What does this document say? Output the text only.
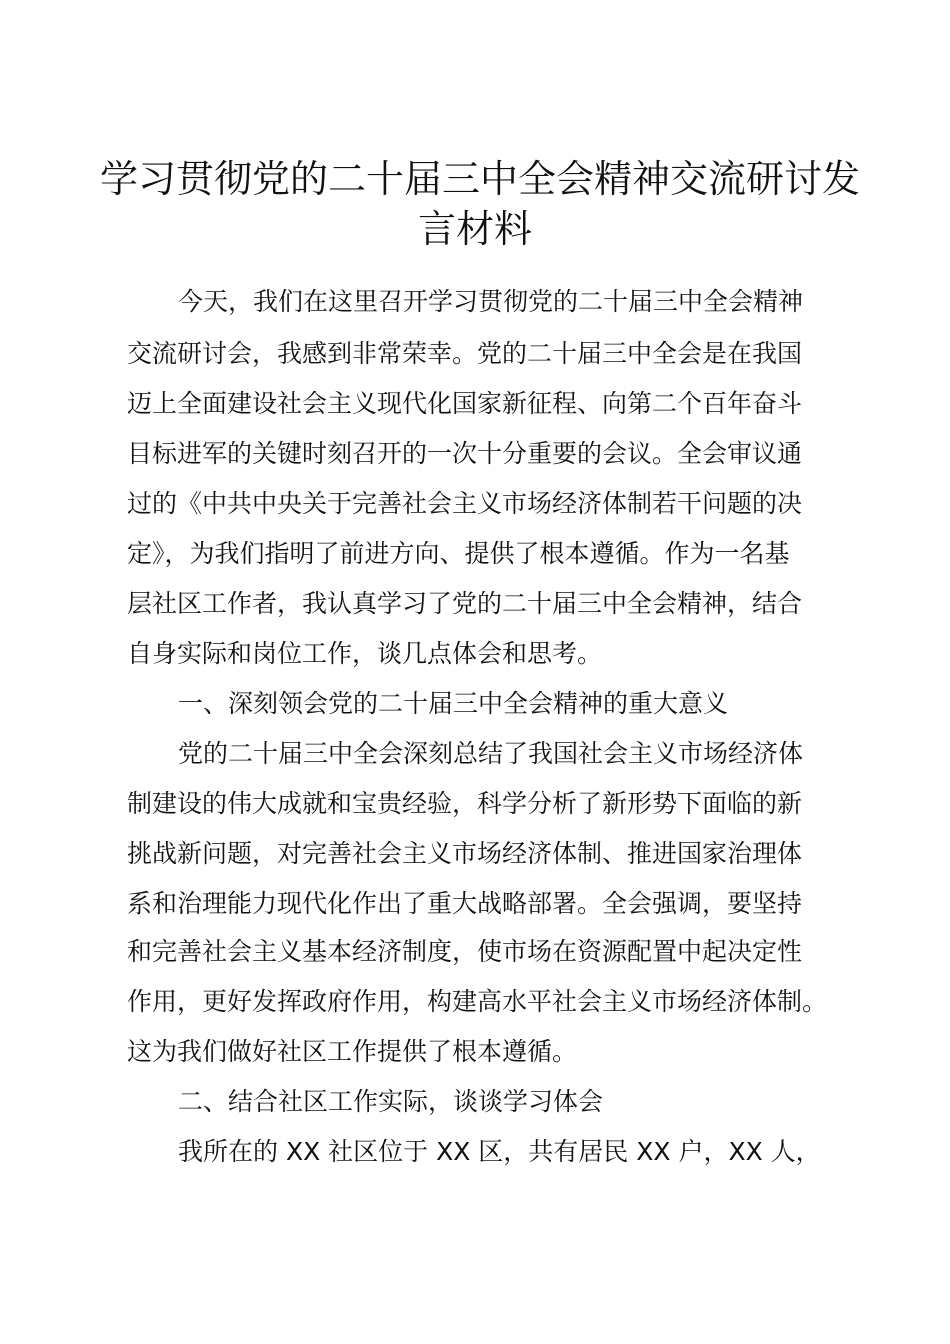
学习贯彻党的二十届三中全会精神交流研讨发
言材料

今天，我们在这里召开学习贯彻党的二十届三中全会精神

交流研讨会，我感到非常荣幸。党的二十届三中全会是在我国

迈上全面建设社会主义现代化国家新征程、向第二个百年奋斗

目标进军的关键时刻召开的一次十分重要的会议。全会审议通

过的《中共中央关于完善社会主义市场经济体制若干问题的决

定》，为我们指明了前进方向、提供了根本遵循。作为一名基

层社区工作者，我认真学习了党的二十届三中全会精神，结合

自身实际和岗位工作，谈几点体会和思考。

一、深刻领会党的二十届三中全会精神的重大意义

党的二十届三中全会深刻总结了我国社会主义市场经济体

制建设的伟大成就和宝贵经验，科学分析了新形势下面临的新

挑战新问题，对完善社会主义市场经济体制、推进国家治理体

系和治理能力现代化作出了重大战略部署。全会强调，要坚持

和完善社会主义基本经济制度，使市场在资源配置中起决定性

作用，更好发挥政府作用，构建高水平社会主义市场经济体制。

这为我们做好社区工作提供了根本遵循。

二、结合社区工作实际，谈谈学习体会

我所在的 XX 社区位于 XX 区，共有居民 XX 户，XX 人，
